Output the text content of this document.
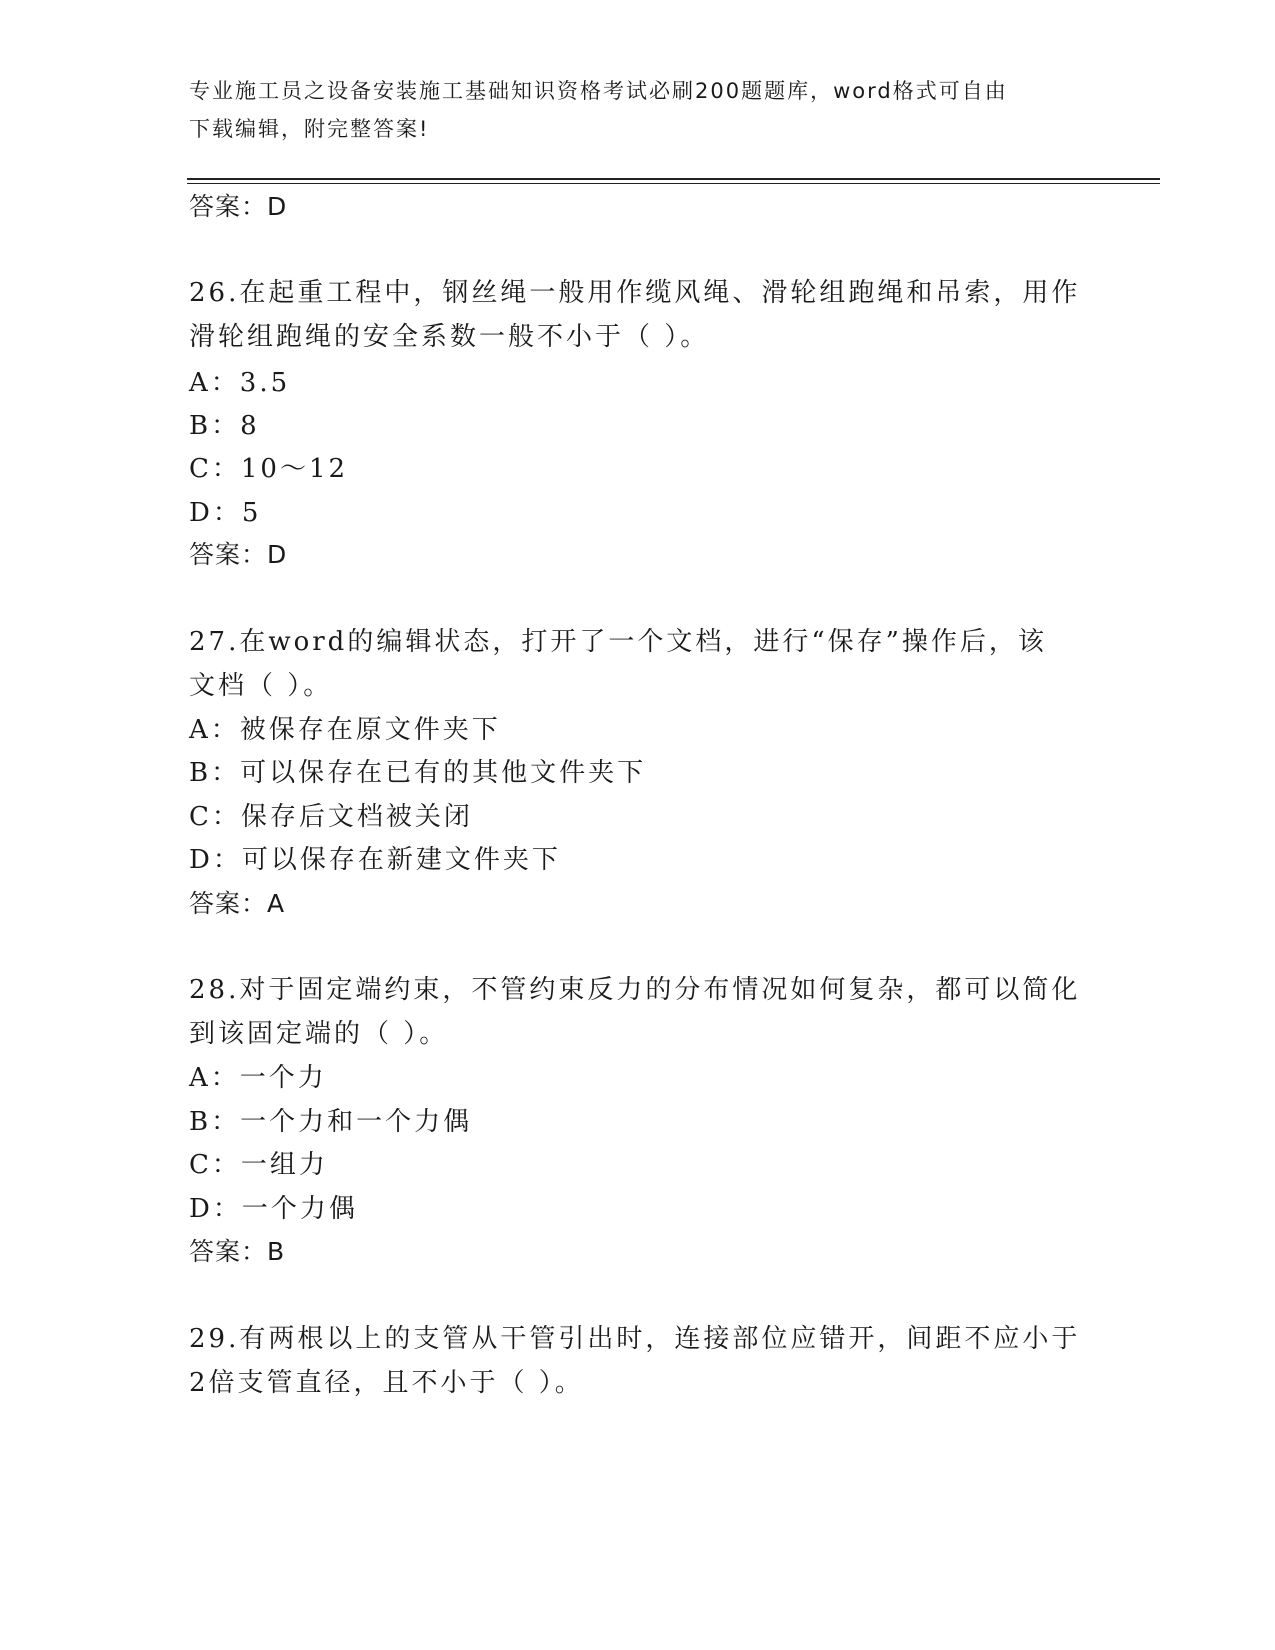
专业施工员之设备安装施工基础知识资格考试必刷200题题库，word格式可自由
下载编辑，附完整答案!
答案：D
26.在起重工程中，钢丝绳一般用作缆风绳、滑轮组跑绳和吊索，用作
滑轮组跑绳的安全系数一般不小于（ ）。
A：3.5
B：8
C：10～12
D：5
答案：D
27.在word的编辑状态，打开了一个文档，进行“保存”操作后，该
文档（ ）。
A：被保存在原文件夹下
B：可以保存在已有的其他文件夹下
C：保存后文档被关闭
D：可以保存在新建文件夹下
答案：A
28.对于固定端约束，不管约束反力的分布情况如何复杂，都可以简化
到该固定端的（ ）。
A：一个力
B：一个力和一个力偶
C：一组力
D：一个力偶
答案：B
29.有两根以上的支管从干管引出时，连接部位应错开，间距不应小于
2倍支管直径，且不小于（ ）。
